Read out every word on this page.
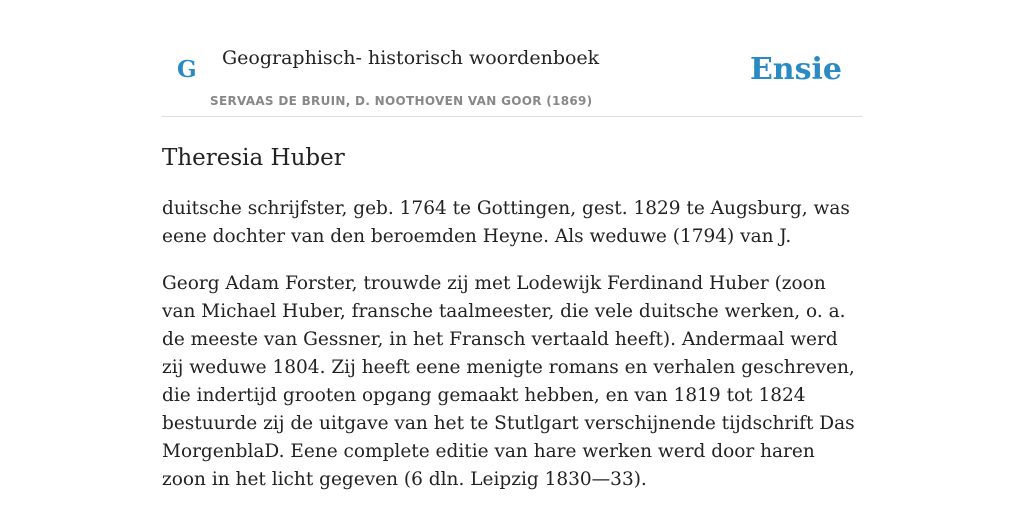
G Geographisch- historisch woordenboek
SERVAAS DE BRUIN, D. NOOTHOVEN VAN GOOR (1869)
Ensie
Theresia Huber

duitsche schrijfster, geb. 1764 te Gottingen, gest. 1829 te Augsburg, was eene dochter van den beroemden Heyne. Als weduwe (1794) van J.

Georg Adam Forster, trouwde zij met Lodewijk Ferdinand Huber (zoon van Michael Huber, fransche taalmeester, die vele duitsche werken, o. a. de meeste van Gessner, in het Fransch vertaald heeft). Andermaal werd zij weduwe 1804. Zij heeft eene menigte romans en verhalen geschreven, die indertijd grooten opgang gemaakt hebben, en van 1819 tot 1824 bestuurde zij de uitgave van het te Stutlgart verschijnende tijdschrift Das MorgenblaD. Eene complete editie van hare werken werd door haren zoon in het licht gegeven (6 dln. Leipzig 1830—33).
